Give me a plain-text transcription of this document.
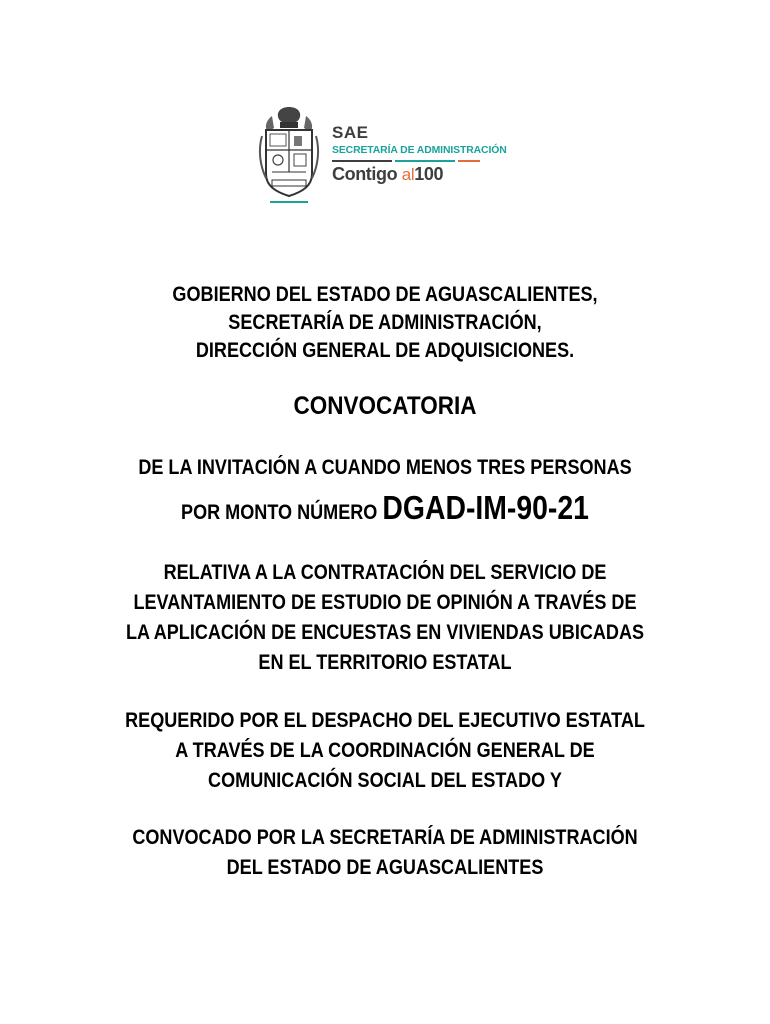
SAE
SECRETARÍA DE ADMINISTRACIÓN
Contigo al100
GOBIERNO DEL ESTADO DE AGUASCALIENTES,
SECRETARÍA DE ADMINISTRACIÓN,
DIRECCIÓN GENERAL DE ADQUISICIONES.
CONVOCATORIA
DE LA INVITACIÓN A CUANDO MENOS TRES PERSONAS
POR MONTO NÚMERO DGAD-IM-90-21
RELATIVA A LA CONTRATACIÓN DEL SERVICIO DE
LEVANTAMIENTO DE ESTUDIO DE OPINIÓN A TRAVÉS DE
LA APLICACIÓN DE ENCUESTAS EN VIVIENDAS UBICADAS
EN EL TERRITORIO ESTATAL
REQUERIDO POR EL DESPACHO DEL EJECUTIVO ESTATAL
A TRAVÉS DE LA COORDINACIÓN GENERAL DE
COMUNICACIÓN SOCIAL DEL ESTADO Y
CONVOCADO POR LA SECRETARÍA DE ADMINISTRACIÓN
DEL ESTADO DE AGUASCALIENTES
